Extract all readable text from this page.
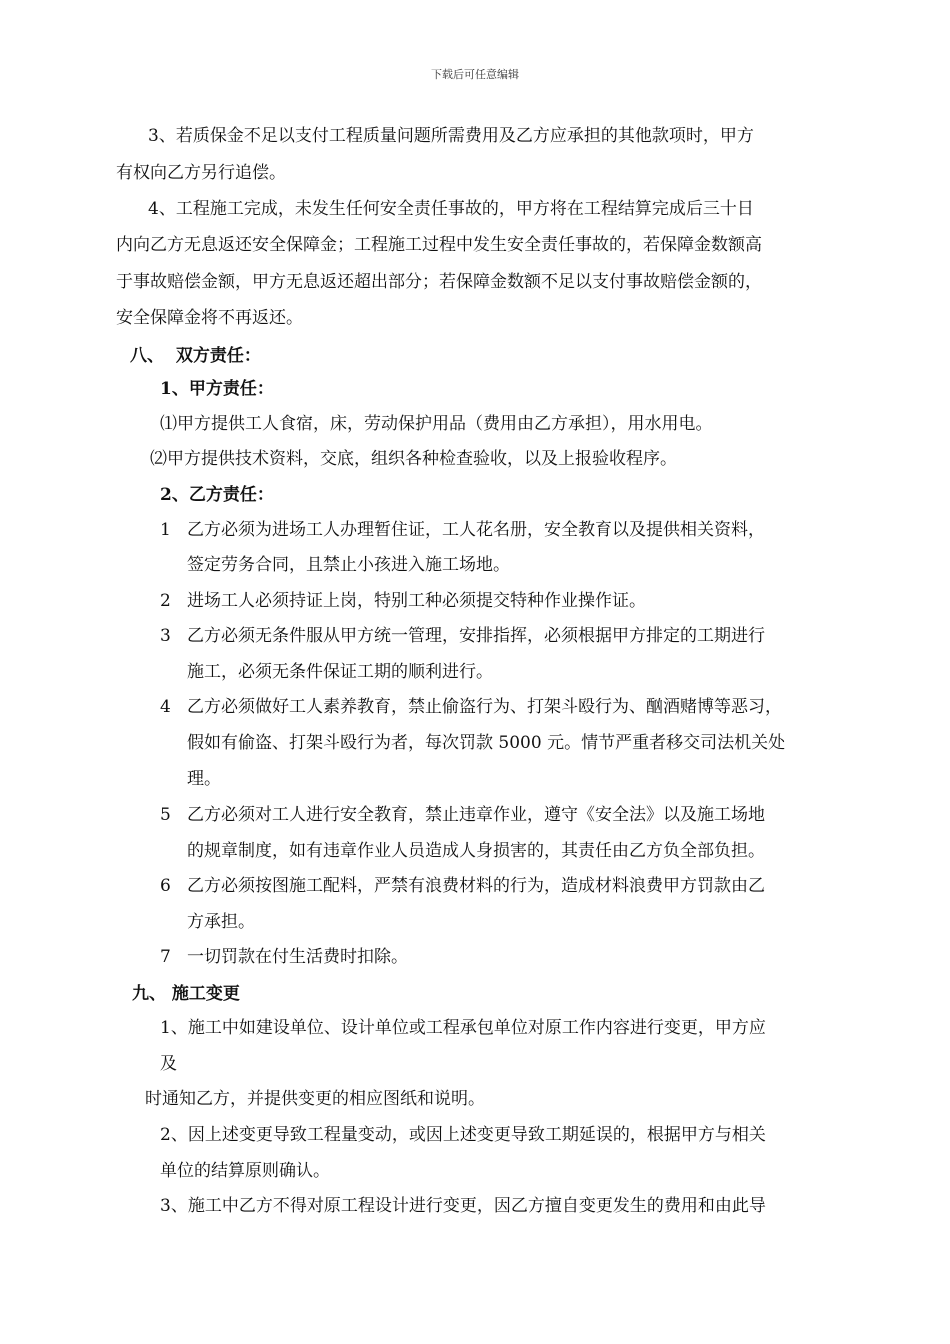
下载后可任意编辑
3、若质保金不足以支付工程质量问题所需费用及乙方应承担的其他款项时，甲方
有权向乙方另行追偿。
4、工程施工完成，未发生任何安全责任事故的，甲方将在工程结算完成后三十日
内向乙方无息返还安全保障金；工程施工过程中发生安全责任事故的，若保障金数额高
于事故赔偿金额，甲方无息返还超出部分；若保障金数额不足以支付事故赔偿金额的，
安全保障金将不再返还。
八、  双方责任：
1、甲方责任：
⑴甲方提供工人食宿，床，劳动保护用品（费用由乙方承担），用水用电。
⑵甲方提供技术资料，交底，组织各种检查验收，以及上报验收程序。
2、乙方责任：
1 乙方必须为进场工人办理暂住证，工人花名册，安全教育以及提供相关资料，
签定劳务合同，且禁止小孩进入施工场地。
2 进场工人必须持证上岗，特别工种必须提交特种作业操作证。
3 乙方必须无条件服从甲方统一管理，安排指挥，必须根据甲方排定的工期进行
施工，必须无条件保证工期的顺利进行。
4 乙方必须做好工人素养教育，禁止偷盗行为、打架斗殴行为、酗酒赌博等恶习，
假如有偷盗、打架斗殴行为者，每次罚款 5000 元。情节严重者移交司法机关处
理。
5 乙方必须对工人进行安全教育，禁止违章作业，遵守《安全法》以及施工场地
的规章制度，如有违章作业人员造成人身损害的，其责任由乙方负全部负担。
6 乙方必须按图施工配料，严禁有浪费材料的行为，造成材料浪费甲方罚款由乙
方承担。
7 一切罚款在付生活费时扣除。
九、 施工变更
1、施工中如建设单位、设计单位或工程承包单位对原工作内容进行变更，甲方应
及
时通知乙方，并提供变更的相应图纸和说明。
2、因上述变更导致工程量变动，或因上述变更导致工期延误的，根据甲方与相关
单位的结算原则确认。
3、施工中乙方不得对原工程设计进行变更，因乙方擅自变更发生的费用和由此导
